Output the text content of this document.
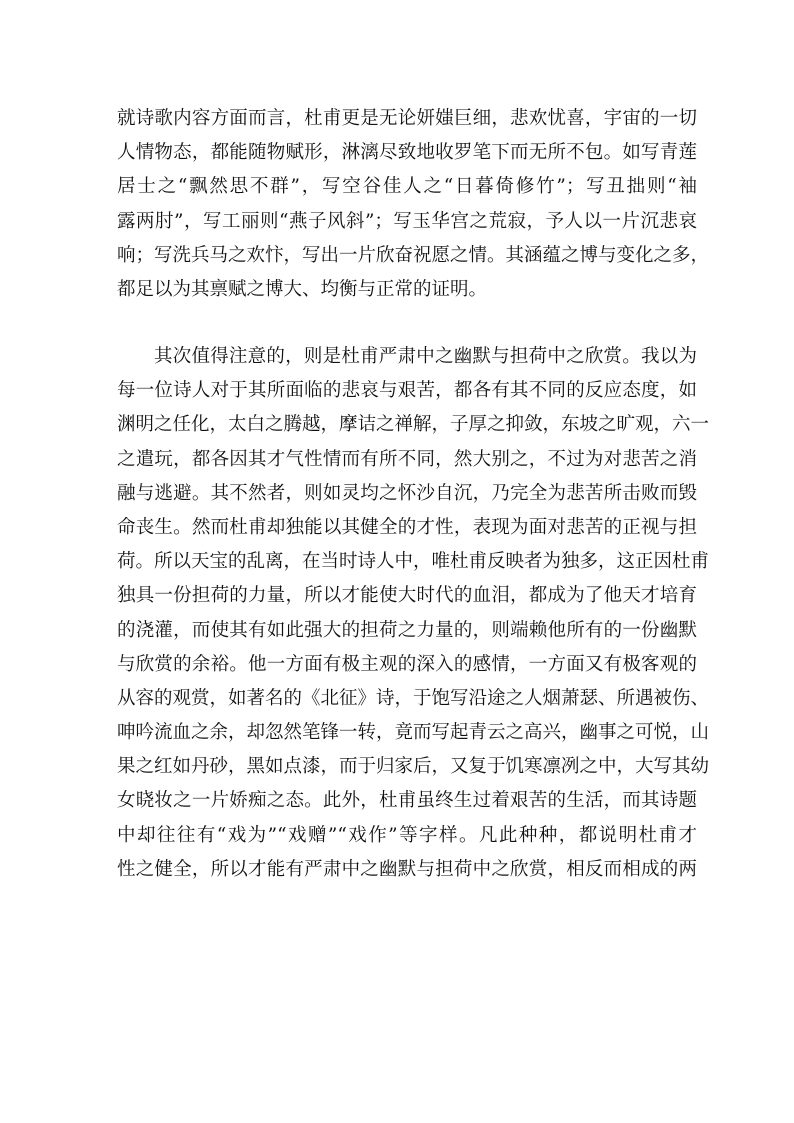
就诗歌内容方面而言，杜甫更是无论妍媸巨细，悲欢忧喜，宇宙的一切
人情物态，都能随物赋形，淋漓尽致地收罗笔下而无所不包。如写青莲
居士之“飘然思不群”，写空谷佳人之“日暮倚修竹”；写丑拙则“袖
露两肘”，写工丽则“燕子风斜”；写玉华宫之荒寂，予人以一片沉悲哀
响；写洗兵马之欢忭，写出一片欣奋祝愿之情。其涵蕴之博与变化之多，
都足以为其禀赋之博大、均衡与正常的证明。
其次值得注意的，则是杜甫严肃中之幽默与担荷中之欣赏。我以为
每一位诗人对于其所面临的悲哀与艰苦，都各有其不同的反应态度，如
渊明之任化，太白之腾越，摩诘之禅解，子厚之抑敛，东坡之旷观，六一
之遣玩，都各因其才气性情而有所不同，然大别之，不过为对悲苦之消
融与逃避。其不然者，则如灵均之怀沙自沉，乃完全为悲苦所击败而毁
命丧生。然而杜甫却独能以其健全的才性，表现为面对悲苦的正视与担
荷。所以天宝的乱离，在当时诗人中，唯杜甫反映者为独多，这正因杜甫
独具一份担荷的力量，所以才能使大时代的血泪，都成为了他天才培育
的浇灌，而使其有如此强大的担荷之力量的，则端赖他所有的一份幽默
与欣赏的余裕。他一方面有极主观的深入的感情，一方面又有极客观的
从容的观赏，如著名的《北征》诗，于饱写沿途之人烟萧瑟、所遇被伤、
呻吟流血之余，却忽然笔锋一转，竟而写起青云之高兴，幽事之可悦，山
果之红如丹砂，黑如点漆，而于归家后，又复于饥寒凛冽之中，大写其幼
女晓妆之一片娇痴之态。此外，杜甫虽终生过着艰苦的生活，而其诗题
中却往往有“戏为”“戏赠”“戏作”等字样。凡此种种，都说明杜甫才
性之健全，所以才能有严肃中之幽默与担荷中之欣赏，相反而相成的两
